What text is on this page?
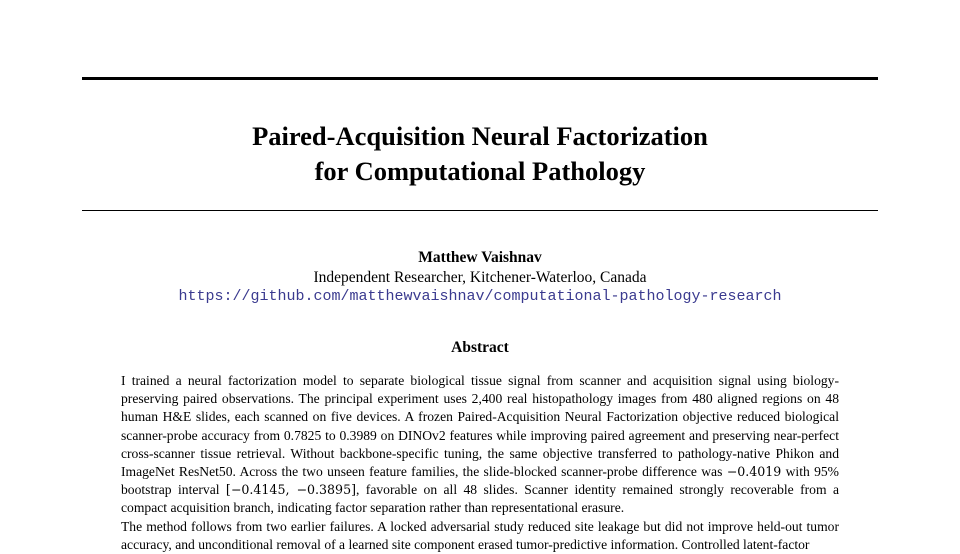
Paired-Acquisition Neural Factorization
for Computational Pathology
Matthew Vaishnav
Independent Researcher, Kitchener-Waterloo, Canada
https://github.com/matthewvaishnav/computational-pathology-research
Abstract

I trained a neural factorization model to separate biological tissue signal from scanner and acquisition signal using biology-preserving paired observations. The principal experiment uses 2,400 real histopathology images from 480 aligned regions on 48 human H&E slides, each scanned on five devices. A frozen Paired-Acquisition Neural Factorization objective reduced biological scanner-probe accuracy from 0.7825 to 0.3989 on DINOv2 features while improving paired agreement and preserving near-perfect cross-scanner tissue retrieval. Without backbone-specific tuning, the same objective transferred to pathology-native Phikon and ImageNet ResNet50. Across the two unseen feature families, the slide-blocked scanner-probe difference was −0.4019 with 95% bootstrap interval [−0.4145, −0.3895], favorable on all 48 slides. Scanner identity remained strongly recoverable from a compact acquisition branch, indicating factor separation rather than representational erasure.

The method follows from two earlier failures. A locked adversarial study reduced site leakage but did not improve held-out tumor accuracy, and unconditional removal of a learned site component erased tumor-predictive information. Controlled latent-factor
